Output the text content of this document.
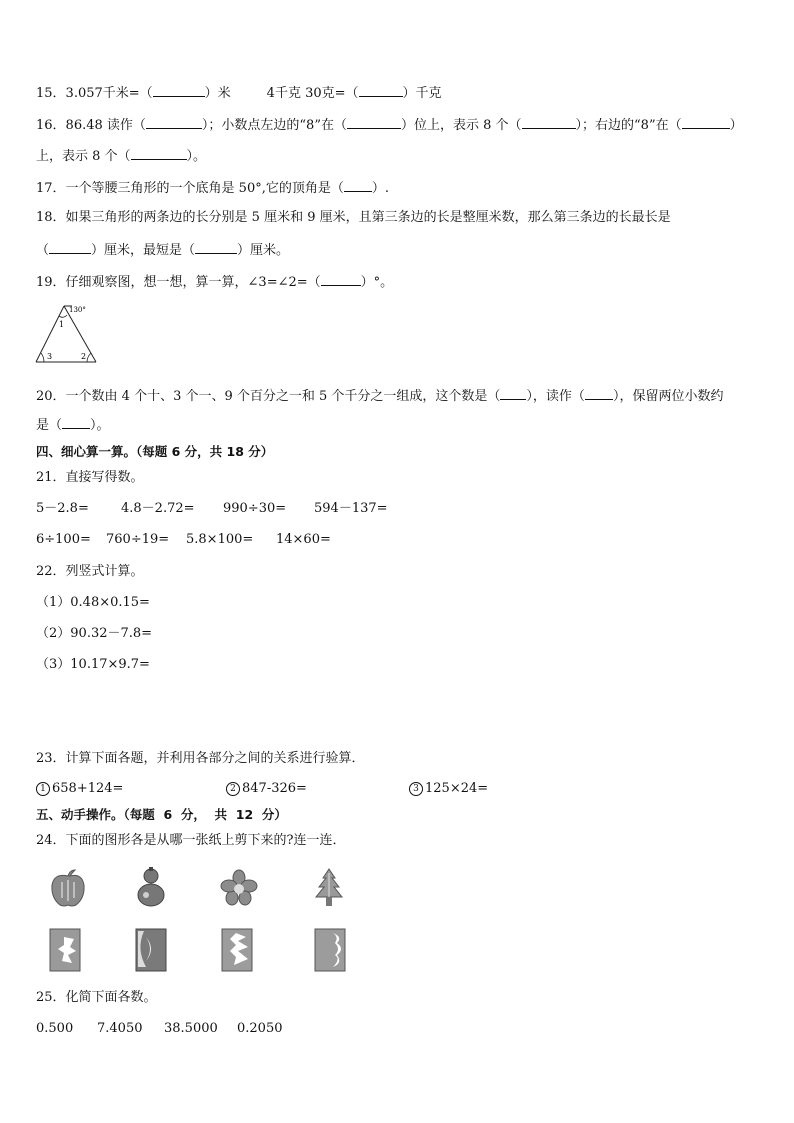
15．3.057千米=（	）米	4千克 30克=（	）千克
16．86.48 读作（	）；小数点左边的“8”在（	）位上，表示 8 个（	）；右边的“8”在（	）
上，表示 8 个（	）。
17．一个等腰三角形的一个底角是 50°,它的顶角是（ ）.
18．如果三角形的两条边的长分别是 5 厘米和 9 厘米，且第三条边的长是整厘米数，那么第三条边的长最长是
（	）厘米，最短是（	）厘米。
19．仔细观察图，想一想，算一算，∠3=∠2=（	）°。
130°
1
3	2
20．一个数由 4 个十、3 个一、9 个百分之一和 5 个千分之一组成，这个数是（ ），读作（ ），保留两位小数约
是（ ）。
四、细心算一算。（每题 6 分，共 18 分）
21．直接写得数。
5－2.8= 4.8－2.72= 990÷30= 594－137=
6÷100= 760÷19= 5.8×100= 14×60=
22．列竖式计算。
（1）0.48×0.15=
（2）90.32－7.8=
（3）10.17×9.7=
23．计算下面各题，并利用各部分之间的关系进行验算．
1 658+124=	2 847-326=	3 125×24=
五、动手操作。（每题  6  分，  共  12  分）
24．下面的图形各是从哪一张纸上剪下来的?连一连．
25．化简下面各数。
0.500 7.4050 38.5000 0.2050
